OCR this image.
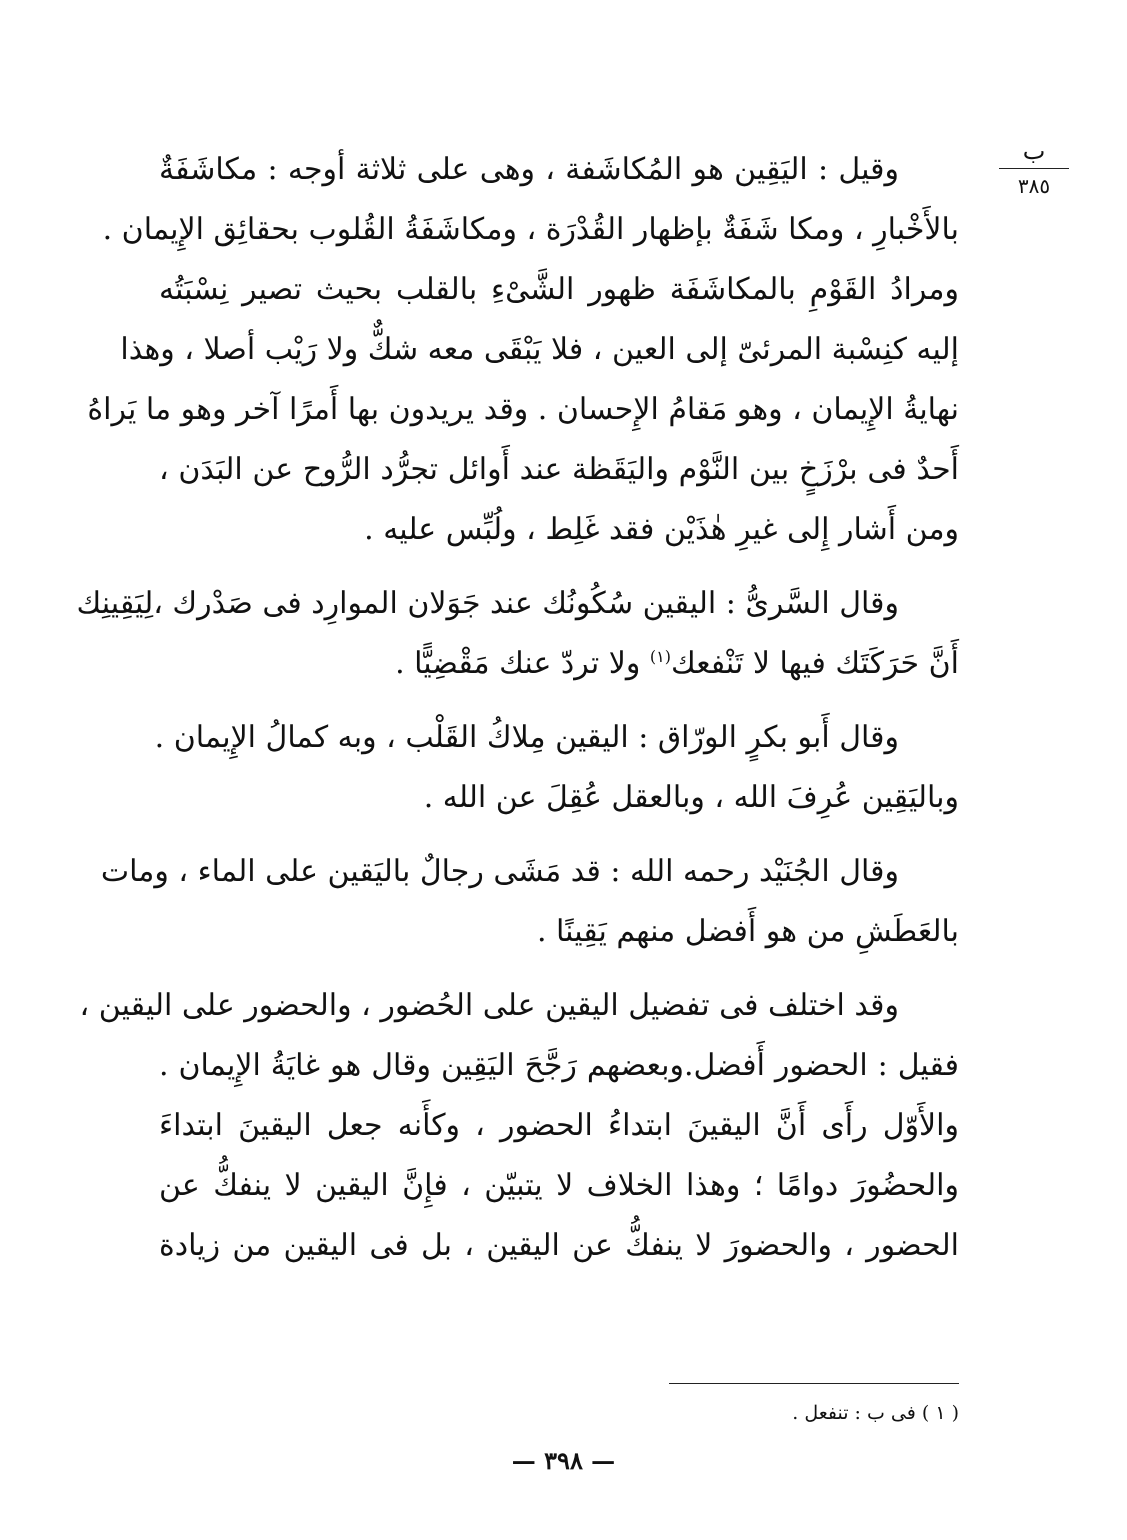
ب
٣٨٥
وقيل : اليَقِين هو المُكاشَفة ، وهى على ثلاثة أوجه : مكاشَفَةٌ
بالأَخْبارِ ، ومكا شَفَةٌ بإظهار القُدْرَة ، ومكاشَفَةُ القُلوب بحقائِق الإِيمان .
ومرادُ القَوْمِ بالمكاشَفَة ظهور الشَّىْءِ بالقلب بحيث تصير نِسْبَتُه
إليه كنِسْبة المرئىّ إلى العين ، فلا يَبْقَى معه شكٌّ ولا رَيْب أصلا ، وهذا
نهايةُ الإِيمان ، وهو مَقامُ الإِحسان . وقد يريدون بها أَمرًا آخر وهو ما يَراهُ
أَحدٌ فى برْزَخٍ بين النَّوْم واليَقَظة عند أَوائل تجرُّد الرُّوح عن البَدَن ،
ومن أَشار إِلى غيرِ هٰذَيْن فقد غَلِط ، ولُبِّس عليه .
وقال السَّرىُّ : اليقين سُكُونُك عند جَوَلان الموارِد فى صَدْرك ،لِيَقِينِك
أَنَّ حَرَكَتَك فيها لا تَنْفعك$^{(١)}$ ولا تردّ عنك مَقْضِيًّا .
وقال أَبو بكرٍ الورّاق : اليقين مِلاكُ القَلْب ، وبه كمالُ الإِيمان .
وباليَقِين عُرِفَ الله ، وبالعقل عُقِلَ عن الله .
وقال الجُنَيْد رحمه الله : قد مَشَى رجالٌ باليَقين على الماء ، ومات
بالعَطَشِ من هو أَفضل منهم يَقِينًا .
وقد اختلف فى تفضيل اليقين على الحُضور ، والحضور على اليقين ،
فقيل : الحضور أَفضل.وبعضهم رَجَّحَ اليَقِين وقال هو غايَةُ الإِيمان .
والأَوّل رأَى أَنَّ اليقينَ ابتداءُ الحضور ، وكأَنه جعل اليقينَ ابتداءَ
والحضُورَ دوامًا ؛ وهذا الخلاف لا يتبيّن ، فإِنَّ اليقين لا ينفكُّ عن
الحضور ، والحضورَ لا ينفكُّ عن اليقين ، بل فى اليقين من زيادة
( ١ ) فى ب : تنفعل .
— ٣٩٨ —
